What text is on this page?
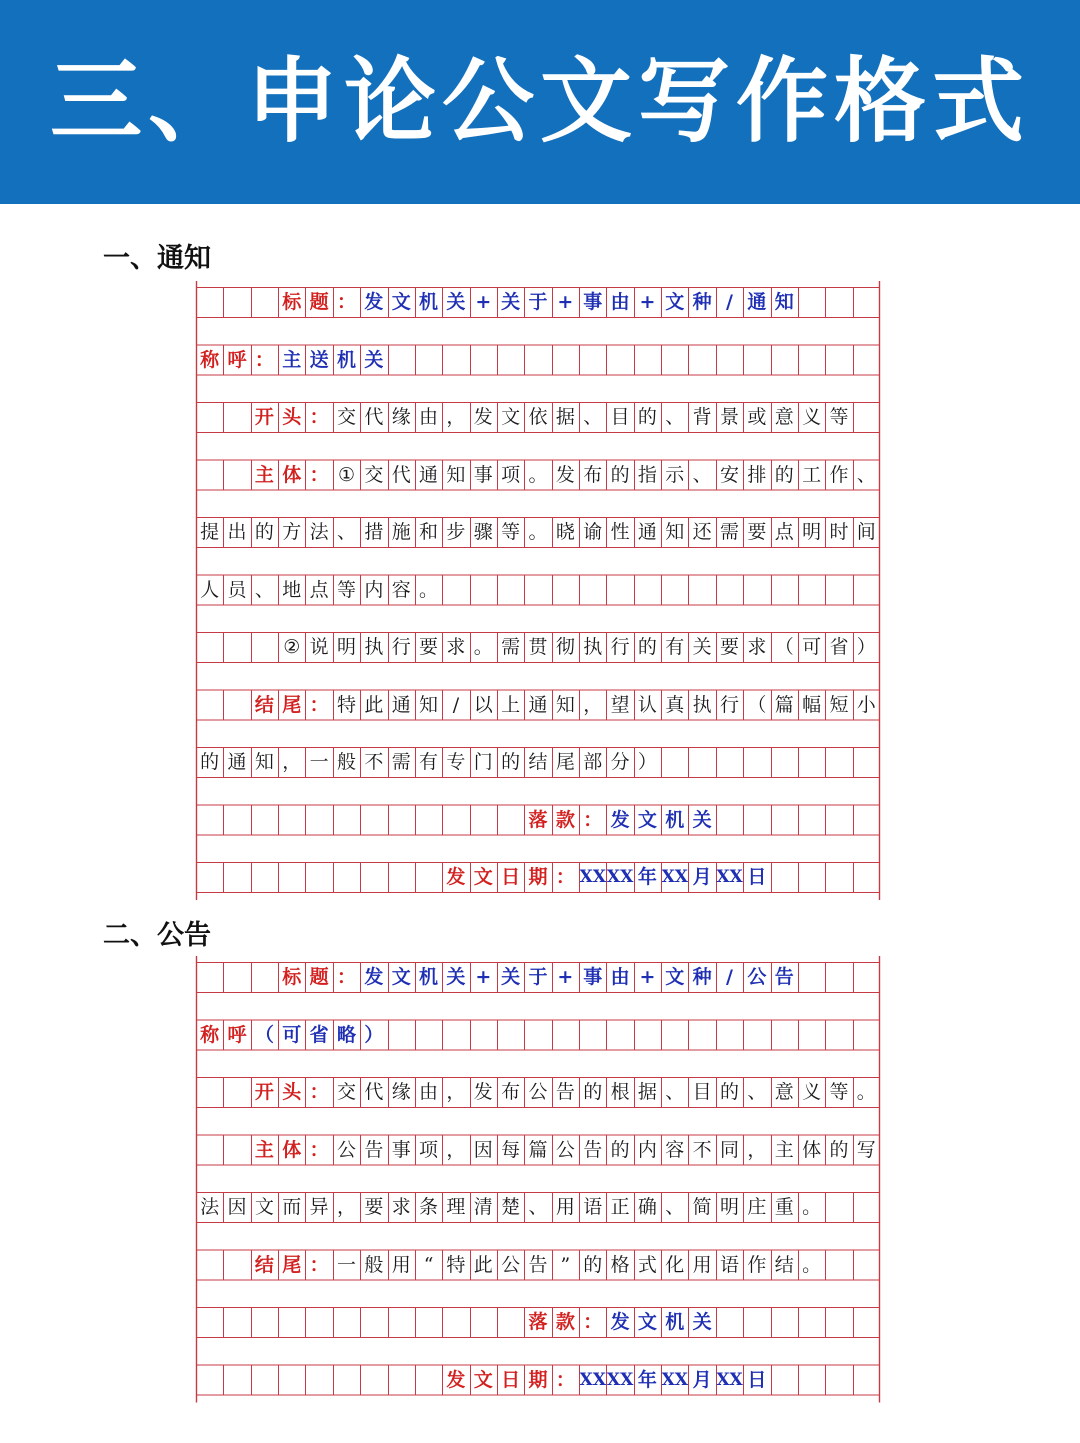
三、申论公文写作格式
一、通知
标 题 ： 发 文 机 关 + 关 于 + 事 由 + 文 种 / 通 知
称 呼 ： 主 送 机 关
开 头 ： 交 代 缘 由 ， 发 文 依 据 、 目 的 、 背 景 或 意 义 等
主 体 ： ① 交 代 通 知 事 项 。 发 布 的 指 示 、 安 排 的 工 作 、
提 出 的 方 法 、 措 施 和 步 骤 等 。 晓 谕 性 通 知 还 需 要 点 明 时 间
人 员 、 地 点 等 内 容 。
② 说 明 执 行 要 求 。 需 贯 彻 执 行 的 有 关 要 求 （ 可 省 ）
结 尾 ： 特 此 通 知 / 以 上 通 知 ， 望 认 真 执 行 （ 篇 幅 短 小
的 通 知 ， 一 般 不 需 有 专 门 的 结 尾 部 分 ）
落 款 ： 发 文 机 关
发 文 日 期 ： XX XX 年 XX 月 XX 日
二、公告
标 题 ： 发 文 机 关 + 关 于 + 事 由 + 文 种 / 公 告
称 呼 （ 可 省 略 ）
开 头 ： 交 代 缘 由 ， 发 布 公 告 的 根 据 、 目 的 、 意 义 等 。
主 体 ： 公 告 事 项 ， 因 每 篇 公 告 的 内 容 不 同 ， 主 体 的 写
法 因 文 而 异 ， 要 求 条 理 清 楚 、 用 语 正 确 、 简 明 庄 重 。
结 尾 ： 一 般 用 “ 特 此 公 告 ” 的 格 式 化 用 语 作 结 。
落 款 ： 发 文 机 关
发 文 日 期 ： XX XX 年 XX 月 XX 日
